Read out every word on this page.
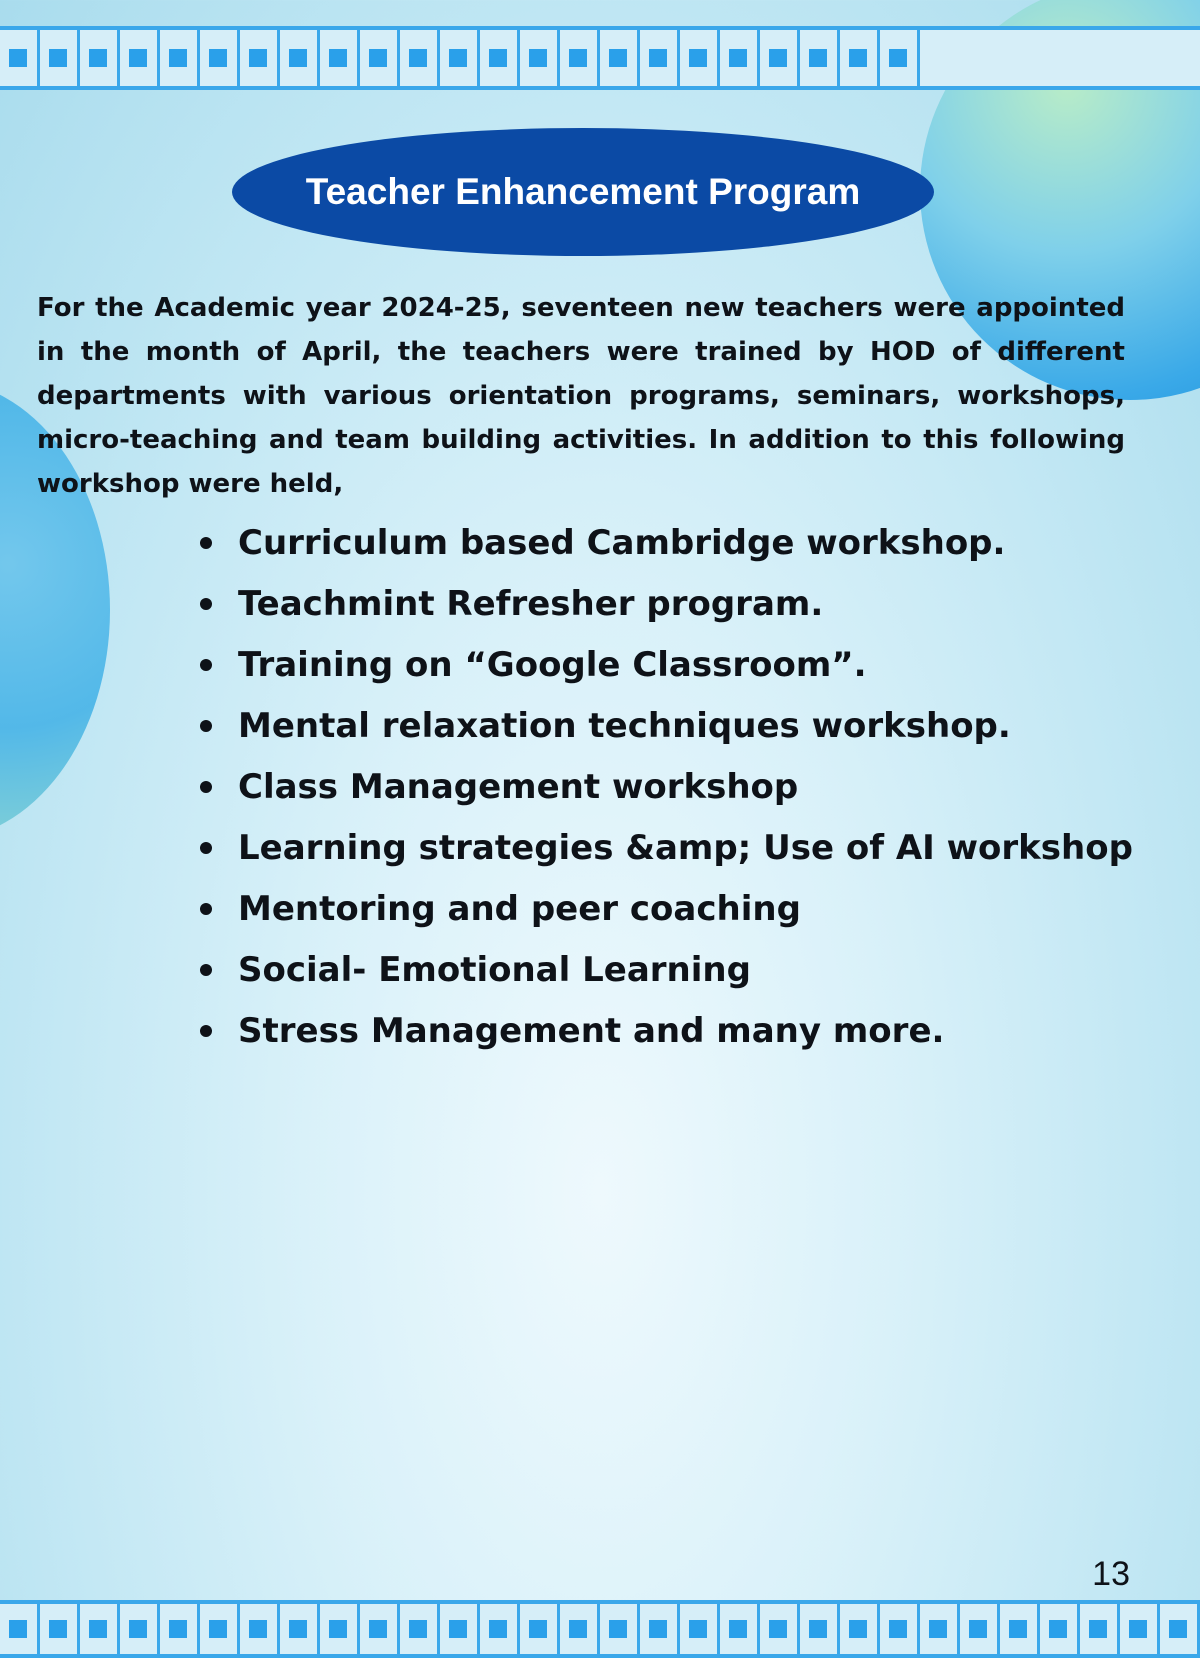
Teacher Enhancement Program

For the Academic year 2024-25, seventeen new teachers were appointed in the month of April, the teachers were trained by HOD of different departments with various orientation programs, seminars, workshops, micro-teaching and team building activities. In addition to this following workshop were held,

Curriculum based Cambridge workshop.
Teachmint Refresher program.
Training on “Google Classroom”.
Mental relaxation techniques workshop.
Class Management workshop
Learning strategies &amp; Use of AI workshop
Mentoring and peer coaching
Social- Emotional Learning
Stress Management and many more.
13
